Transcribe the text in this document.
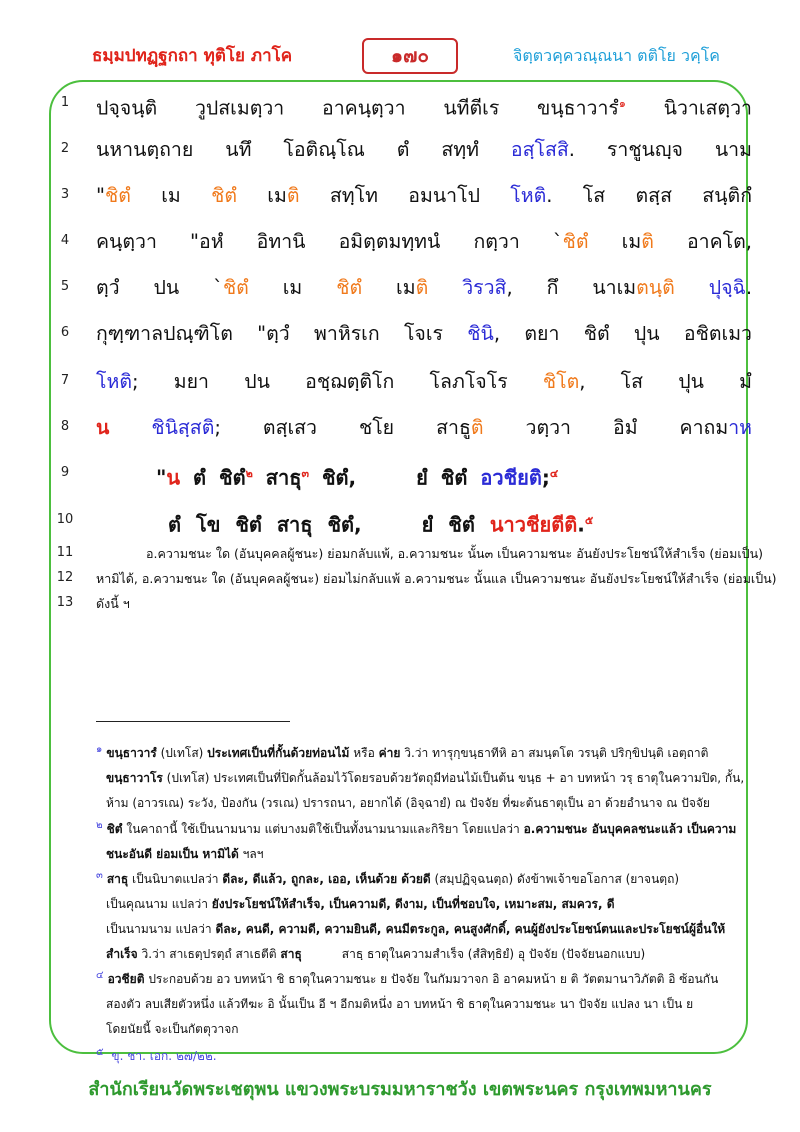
ธมฺมปทฏฺฐกถา ทุติโย ภาโค	๑๗๐	จิตฺตวคฺควณฺณนา ตติโย วคฺโค
1	ปจฺจนฺติ วูปสเมตฺวา อาคนฺตฺวา นทีตีเร ขนฺธาวารํ$^๑$ นิวาเสตฺวา
2	นหานตฺถาย นทึ โอติณฺโณ ตํ สทฺทํ อสฺโสสิ. ราชูนญฺจ นาม
3	"ชิตํ เม ชิตํ เมติ สทฺโท อมนาโป โหติ. โส ตสฺส สนฺติกํ
4	คนฺตฺวา "อหํ อิทานิ อมิตฺตมทฺทนํ กตฺวา `ชิตํ เมติ อาคโต,
5	ตฺวํ ปน `ชิตํ เม ชิตํ เมติ วิรวสิ, กึ นาเมตนฺติ ปุจฺฉิ.
6	กุฑฺฑาลปณฺฑิโต "ตฺวํ พาหิรเก โจเร ชินิ, ตยา ชิตํ ปุน อชิตเมว
7	โหติ; มยา ปน อชฺฌตฺติโก โลภโจโร ชิโต, โส ปุน มํ
8	น ชินิสฺสติ; ตสฺเสว ชโย สาธูติ วตฺวา อิมํ คาถมาห
9	"น ตํ ชิตํ$^๒$ สาธุ$^๓$ ชิตํ,	ยํ ชิตํ อวชียติ;$^๔$
10	ตํ โข ชิตํ สาธุ ชิตํ,	ยํ ชิตํ นาวชียตีติ.$^๕$
11	อ.ความชนะ ใด (อันบุคคลผู้ชนะ) ย่อมกลับแพ้, อ.ความชนะ นั้น๓ เป็นความชนะ อันยังประโยชน์ให้สำเร็จ (ย่อมเป็น)
12	หามิได้, อ.ความชนะ ใด (อันบุคคลผู้ชนะ) ย่อมไม่กลับแพ้ อ.ความชนะ นั้นแล เป็นความชนะ อันยังประโยชน์ให้สำเร็จ (ย่อมเป็น)
13	ดังนี้ ฯ
$^๑$ ขนฺธาวารํ (ปเทโส) ประเทศเป็นที่กั้นด้วยท่อนไม้ หรือ ค่าย วิ.ว่า ทารุกฺขนฺธาทีหิ อา สมนฺตโต วรนฺติ ปริกฺขิปนฺติ เอตฺถาติ
ขนฺธาวาโร (ปเทโส) ประเทศเป็นที่ปิดกั้นล้อมไว้โดยรอบด้วยวัตถุมีท่อนไม้เป็นต้น ขนฺธ + อา บทหน้า วรฺ ธาตุในความปิด, กั้น,
ห้าม (อาวรเณ) ระวัง, ป้องกัน (วรเณ) ปรารถนา, อยากได้ (อิจฺฉายํ) ณ ปัจจัย ที่ฆะต้นธาตุเป็น อา ด้วยอำนาจ ณ ปัจจัย
$^๒$ ชิตํ ในคาถานี้ ใช้เป็นนามนาม แต่บางมติใช้เป็นทั้งนามนามและกิริยา โดยแปลว่า อ.ความชนะ อันบุคคลชนะแล้ว เป็นความ
ชนะอันดี ย่อมเป็น หามิได้ ฯลฯ
$^๓$ สาธุ เป็นนิบาตแปลว่า ดีละ, ดีแล้ว, ถูกละ, เออ, เห็นด้วย ด้วยดี (สมฺปฏิจฺฉนตฺถ) ดังข้าพเจ้าขอโอกาส (ยาจนตฺถ)
เป็นคุณนาม แปลว่า ยังประโยชน์ให้สำเร็จ, เป็นความดี, ดีงาม, เป็นที่ชอบใจ, เหมาะสม, สมควร, ดี
เป็นนามนาม แปลว่า ดีละ, คนดี, ความดี, ความยินดี, คนมีตระกูล, คนสูงศักดิ์, คนผู้ยังประโยชน์ตนและประโยชน์ผู้อื่นให้
สำเร็จ วิ.ว่า สาเธตฺปรตฺถํ สาเธตีติ สาธุ	สาธฺ ธาตุในความสำเร็จ (สํสิทฺธิยํ) อุ ปัจจัย (ปัจจัยนอกแบบ)
$^๔$ อวชียติ ประกอบด้วย อว บทหน้า ชิ ธาตุในความชนะ ย ปัจจัย ในกัมมวาจก อิ อาคมหน้า ย ติ วัตตมานาวิภัตติ อิ ซ้อนกัน
สองตัว ลบเสียตัวหนึ่ง แล้วทีฆะ อิ นั้นเป็น อี ฯ อีกมติหนึ่ง อา บทหน้า ชิ ธาตุในความชนะ นา ปัจจัย แปลง นา เป็น ย
โดยนัยนี้ จะเป็นกัตตุวาจก
$^๕$ ขุ. ชา. เอก. ๒๗/๒๒.
สำนักเรียนวัดพระเชตุพน แขวงพระบรมมหาราชวัง เขตพระนคร กรุงเทพมหานคร
